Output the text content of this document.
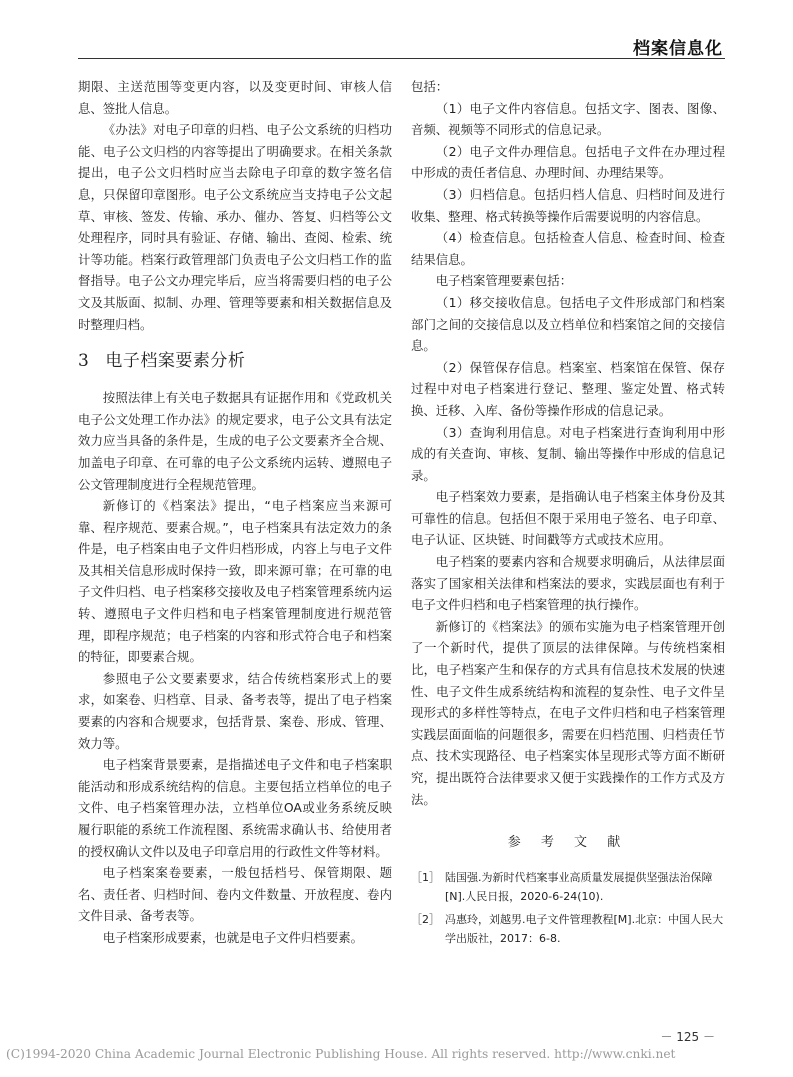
档案信息化

期限、主送范围等变更内容，以及变更时间、审核人信息、签批人信息。

《办法》对电子印章的归档、电子公文系统的归档功能、电子公文归档的内容等提出了明确要求。在相关条款提出，电子公文归档时应当去除电子印章的数字签名信息，只保留印章图形。电子公文系统应当支持电子公文起草、审核、签发、传输、承办、催办、答复、归档等公文处理程序，同时具有验证、存储、输出、查阅、检索、统计等功能。档案行政管理部门负责电子公文归档工作的监督指导。电子公文办理完毕后，应当将需要归档的电子公文及其版面、拟制、办理、管理等要素和相关数据信息及时整理归档。

3 电子档案要素分析

按照法律上有关电子数据具有证据作用和《党政机关电子公文处理工作办法》的规定要求，电子公文具有法定效力应当具备的条件是，生成的电子公文要素齐全合规、加盖电子印章、在可靠的电子公文系统内运转、遵照电子公文管理制度进行全程规范管理。

新修订的《档案法》提出，“电子档案应当来源可靠、程序规范、要素合规。”，电子档案具有法定效力的条件是，电子档案由电子文件归档形成，内容上与电子文件及其相关信息形成时保持一致，即来源可靠；在可靠的电子文件归档、电子档案移交接收及电子档案管理系统内运转、遵照电子文件归档和电子档案管理制度进行规范管理，即程序规范；电子档案的内容和形式符合电子和档案的特征，即要素合规。

参照电子公文要素要求，结合传统档案形式上的要求，如案卷、归档章、目录、备考表等，提出了电子档案要素的内容和合规要求，包括背景、案卷、形成、管理、效力等。

电子档案背景要素，是指描述电子文件和电子档案职能活动和形成系统结构的信息。主要包括立档单位的电子文件、电子档案管理办法，立档单位OA或业务系统反映履行职能的系统工作流程图、系统需求确认书、给使用者的授权确认文件以及电子印章启用的行政性文件等材料。

电子档案案卷要素，一般包括档号、保管期限、题名、责任者、归档时间、卷内文件数量、开放程度、卷内文件目录、备考表等。

电子档案形成要素，也就是电子文件归档要素。

包括：

（1）电子文件内容信息。包括文字、图表、图像、音频、视频等不同形式的信息记录。

（2）电子文件办理信息。包括电子文件在办理过程中形成的责任者信息、办理时间、办理结果等。

（3）归档信息。包括归档人信息、归档时间及进行收集、整理、格式转换等操作后需要说明的内容信息。

（4）检查信息。包括检查人信息、检查时间、检查结果信息。

电子档案管理要素包括：

（1）移交接收信息。包括电子文件形成部门和档案部门之间的交接信息以及立档单位和档案馆之间的交接信息。

（2）保管保存信息。档案室、档案馆在保管、保存过程中对电子档案进行登记、整理、鉴定处置、格式转换、迁移、入库、备份等操作形成的信息记录。

（3）查询利用信息。对电子档案进行查询利用中形成的有关查询、审核、复制、输出等操作中形成的信息记录。

电子档案效力要素，是指确认电子档案主体身份及其可靠性的信息。包括但不限于采用电子签名、电子印章、电子认证、区块链、时间戳等方式或技术应用。

电子档案的要素内容和合规要求明确后，从法律层面落实了国家相关法律和档案法的要求，实践层面也有利于电子文件归档和电子档案管理的执行操作。

新修订的《档案法》的颁布实施为电子档案管理开创了一个新时代，提供了顶层的法律保障。与传统档案相比，电子档案产生和保存的方式具有信息技术发展的快速性、电子文件生成系统结构和流程的复杂性、电子文件呈现形式的多样性等特点，在电子文件归档和电子档案管理实践层面面临的问题很多，需要在归档范围、归档责任节点、技术实现路径、电子档案实体呈现形式等方面不断研究，提出既符合法律要求又便于实践操作的工作方式及方法。

参 考 文 献
［1］ 陆国强.为新时代档案事业高质量发展提供坚强法治保障[N].人民日报，2020-6-24(10).
［2］ 冯惠玲，刘越男.电子文件管理教程[M].北京：中国人民大学出版社，2017：6-8.
－ 125 －
(C)1994-2020 China Academic Journal Electronic Publishing House. All rights reserved. http://www.cnki.net
